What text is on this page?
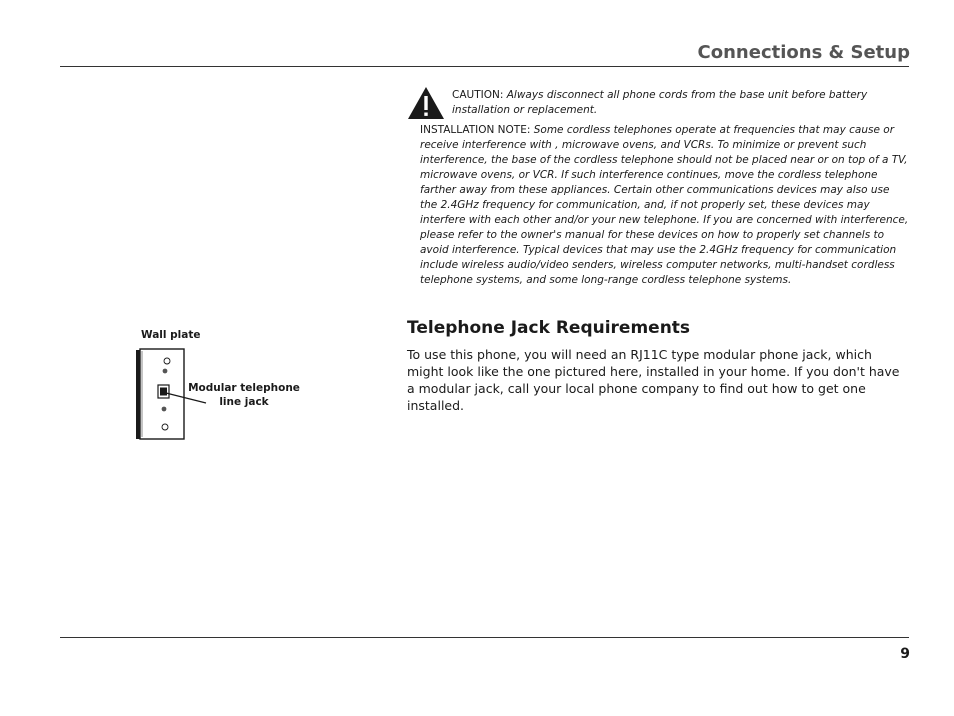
Connections & Setup
CAUTION: Always disconnect all phone cords from the base unit before battery installation or replacement.
INSTALLATION NOTE: Some cordless telephones operate at frequencies that may cause or receive interference with , microwave ovens, and VCRs. To minimize or prevent such interference, the base of the cordless telephone should not be placed near or on top of a TV, microwave ovens, or VCR. If such interference continues, move the cordless telephone farther away from these appliances. Certain other communications devices may also use the 2.4GHz frequency for communication, and, if not properly set, these devices may interfere with each other and/or your new telephone. If you are concerned with interference, please refer to the owner's manual for these devices on how to properly set channels to avoid interference. Typical devices that may use the 2.4GHz frequency for communication include wireless audio/video senders, wireless computer networks, multi-handset cordless telephone systems, and some long-range cordless telephone systems.
Wall plate
Modular telephone line jack
Telephone Jack Requirements

To use this phone, you will need an RJ11C type modular phone jack, which might look like the one pictured here, installed in your home. If you don't have a modular jack, call your local phone company to find out how to get one installed.

9
